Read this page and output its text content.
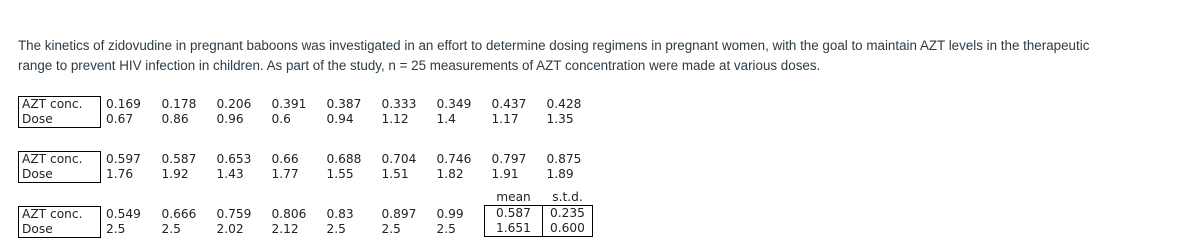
The kinetics of zidovudine in pregnant baboons was investigated in an effort to determine dosing regimens in pregnant women, with the goal to maintain AZT levels in the therapeutic
range to prevent HIV infection in children. As part of the study, n = 25 measurements of AZT concentration were made at various doses.
AZT conc.	0.169	0.178	0.206	0.391	0.387	0.333	0.349	0.437	0.428
Dose	0.67	0.86	0.96	0.6	0.94	1.12	1.4	1.17	1.35
AZT conc.	0.597	0.587	0.653	0.66	0.688	0.704	0.746	0.797	0.875
Dose	1.76	1.92	1.43	1.77	1.55	1.51	1.82	1.91	1.89
AZT conc.	0.549	0.666	0.759	0.806	0.83	0.897	0.99
Dose	2.5	2.5	2.02	2.12	2.5	2.5	2.5
mean	s.t.d.
0.587	0.235
1.651	0.600
